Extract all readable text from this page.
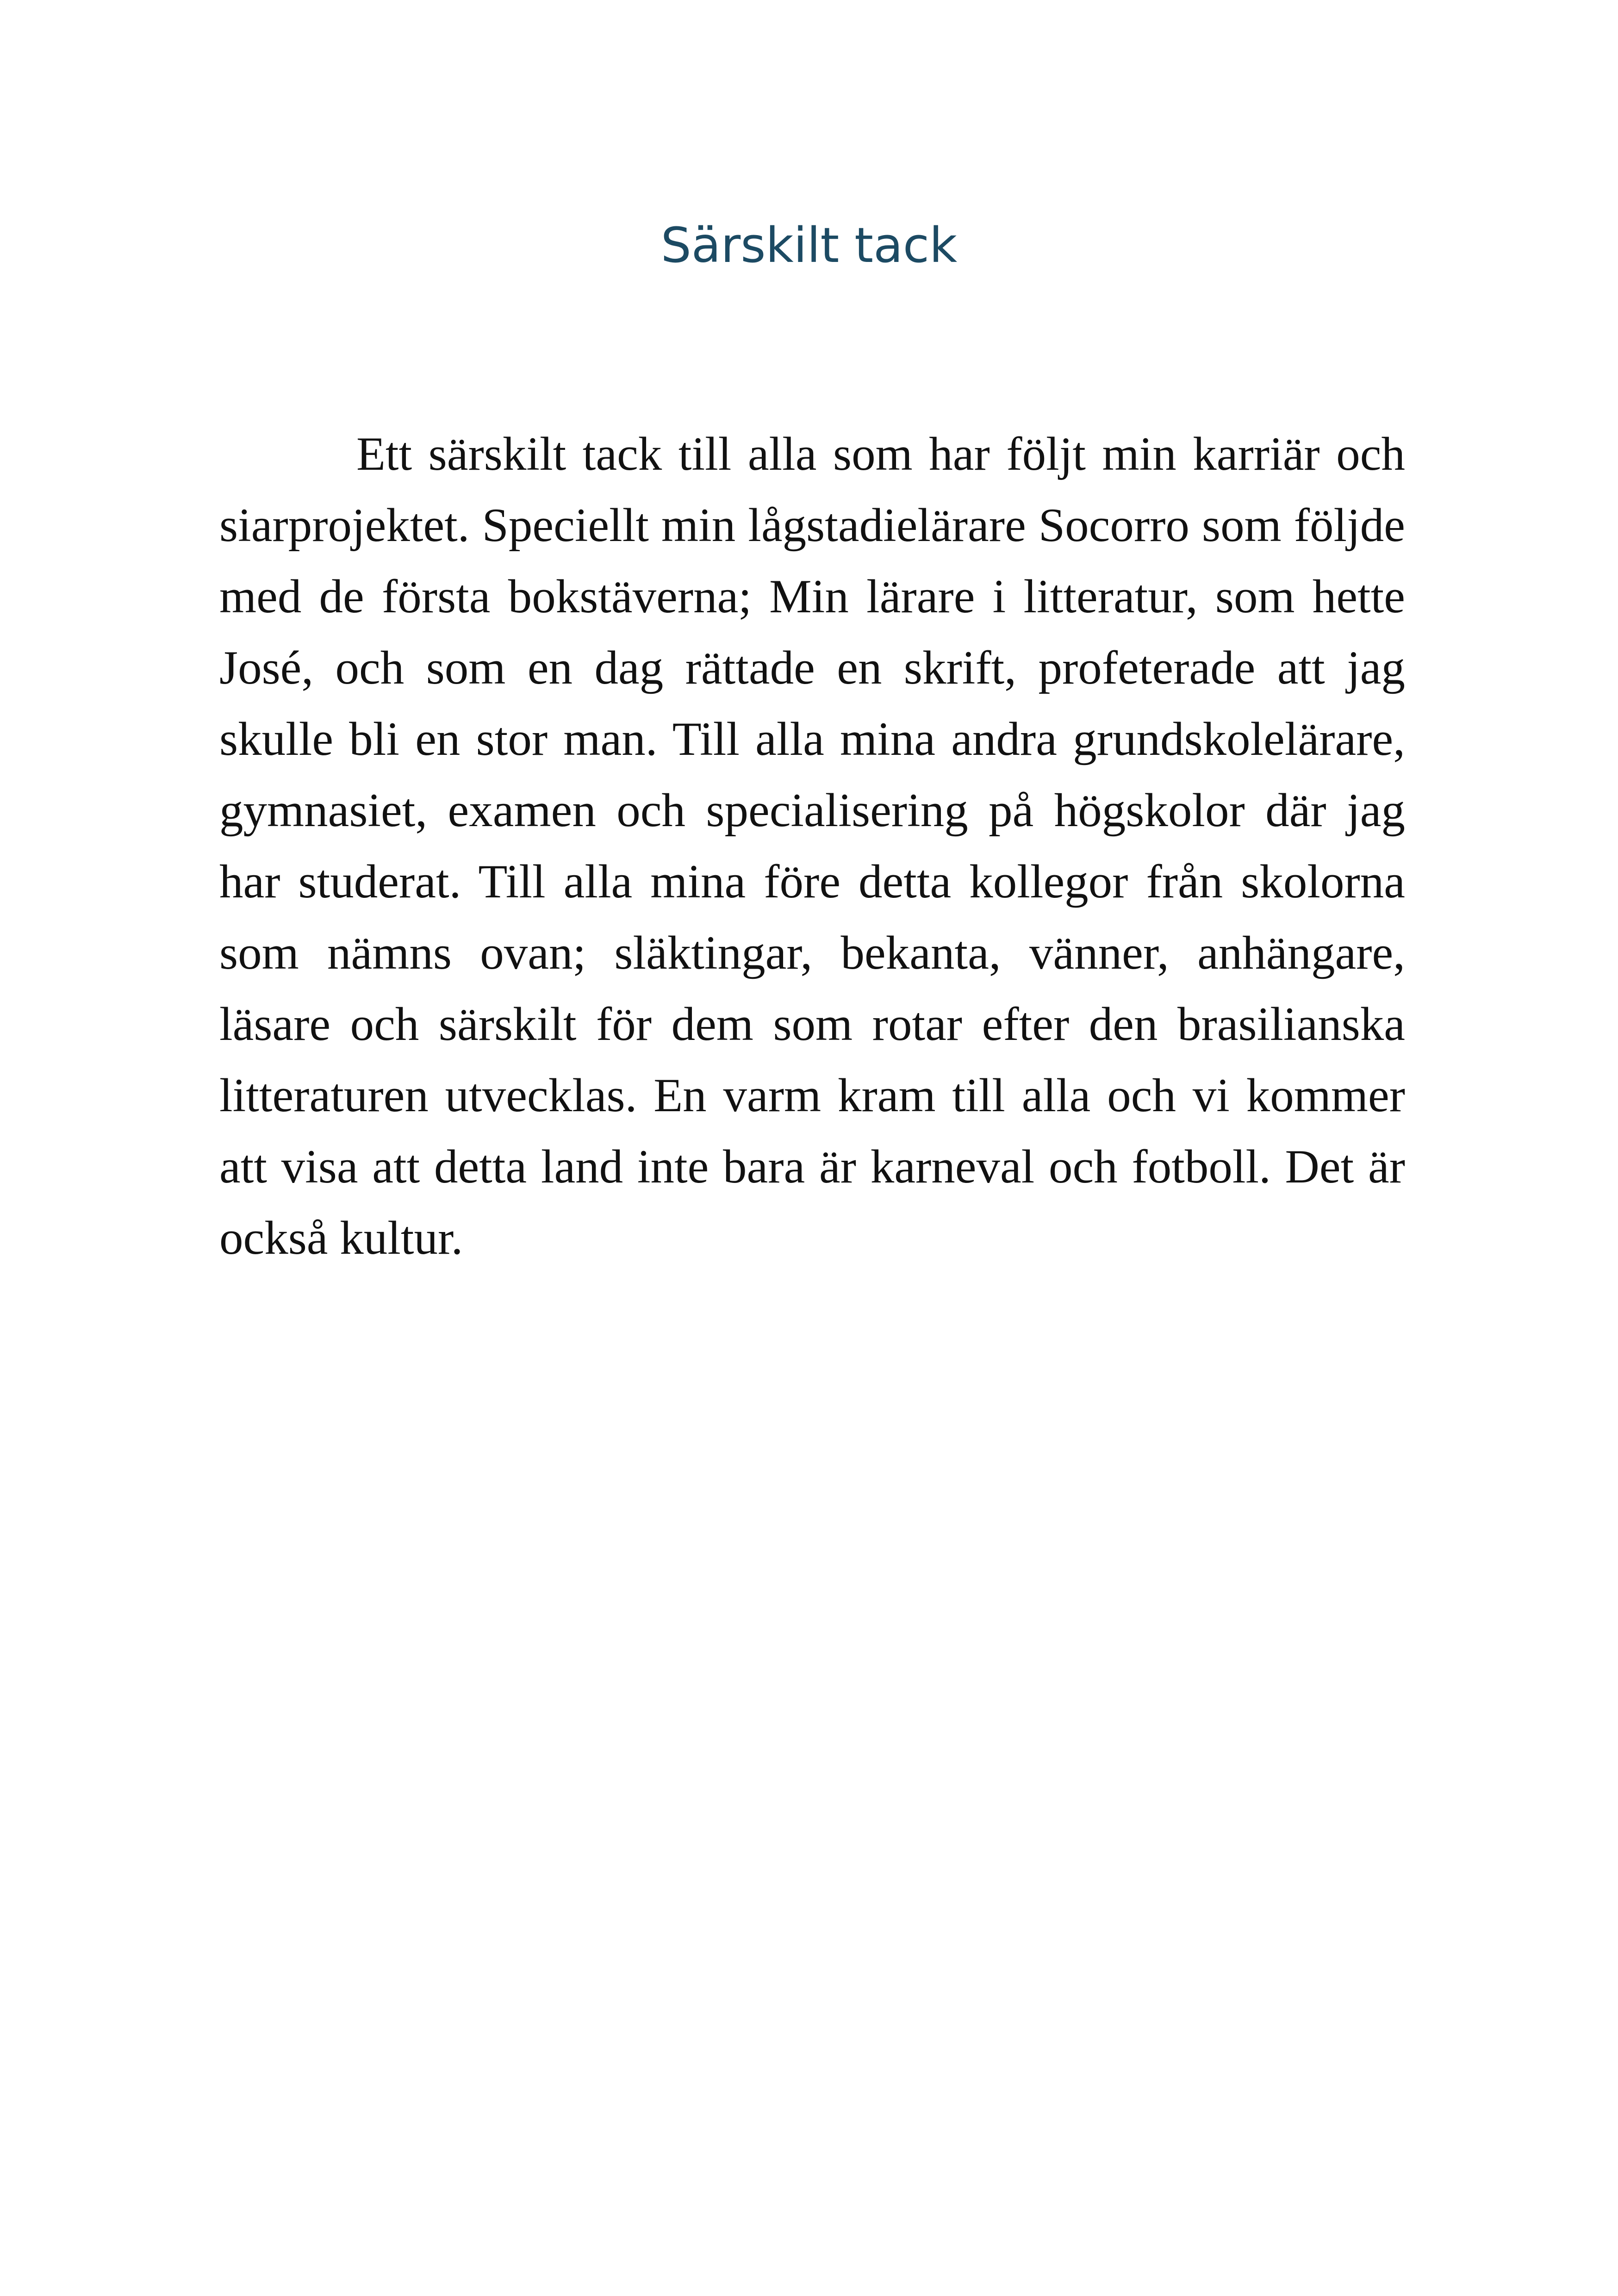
Särskilt tack

Ett särskilt tack till alla som har följt min karriär och siarprojektet. Speciellt min lågstadielärare Socorro som följde med de första bokstäverna; Min lärare i litteratur, som hette José, och som en dag rättade en skrift, profeterade att jag skulle bli en stor man. Till alla mina andra grundskolelärare, gymnasiet, examen och specialisering på högskolor där jag har studerat. Till alla mina före detta kollegor från skolorna som nämns ovan; släktingar, bekanta, vänner, anhängare, läsare och särskilt för dem som rotar efter den brasilianska litteraturen utvecklas. En varm kram till alla och vi kommer att visa att detta land inte bara är karneval och fotboll. Det är också kultur.
